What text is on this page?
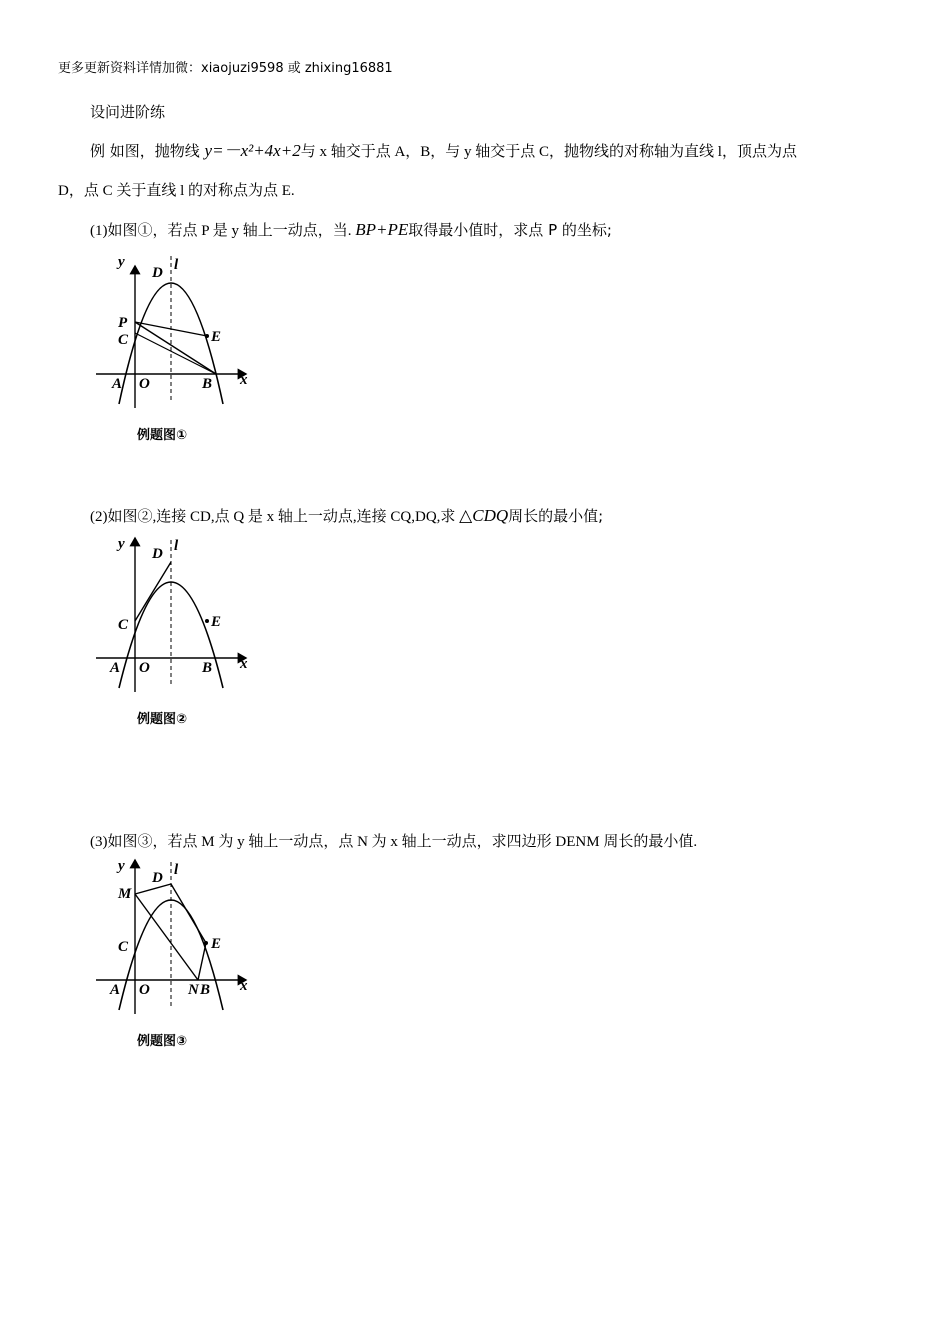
更多更新资料详情加微：xiaojuzi9598 或 zhixing16881
设问进阶练
例 如图，抛物线 y=－x²+4x+2与 x 轴交于点 A，B，与 y 轴交于点 C，抛物线的对称轴为直线 l，顶点为点
D，点 C 关于直线 l 的对称点为点 E.
(1)如图①，若点 P 是 y 轴上一动点，当. BP+PE取得最小值时，求点 P 的坐标;
y
D l
P
C	E
A O	B x
例题图①
(2)如图②,连接 CD,点 Q 是 x 轴上一动点,连接 CQ,DQ,求 △CDQ周长的最小值;
y
D l
C	E
A O	B x
例题图②
(3)如图③，若点 M 为 y 轴上一动点，点 N 为 x 轴上一动点，求四边形 DENM 周长的最小值.
y
D l
M
C	E
A O	N B x
例题图③
